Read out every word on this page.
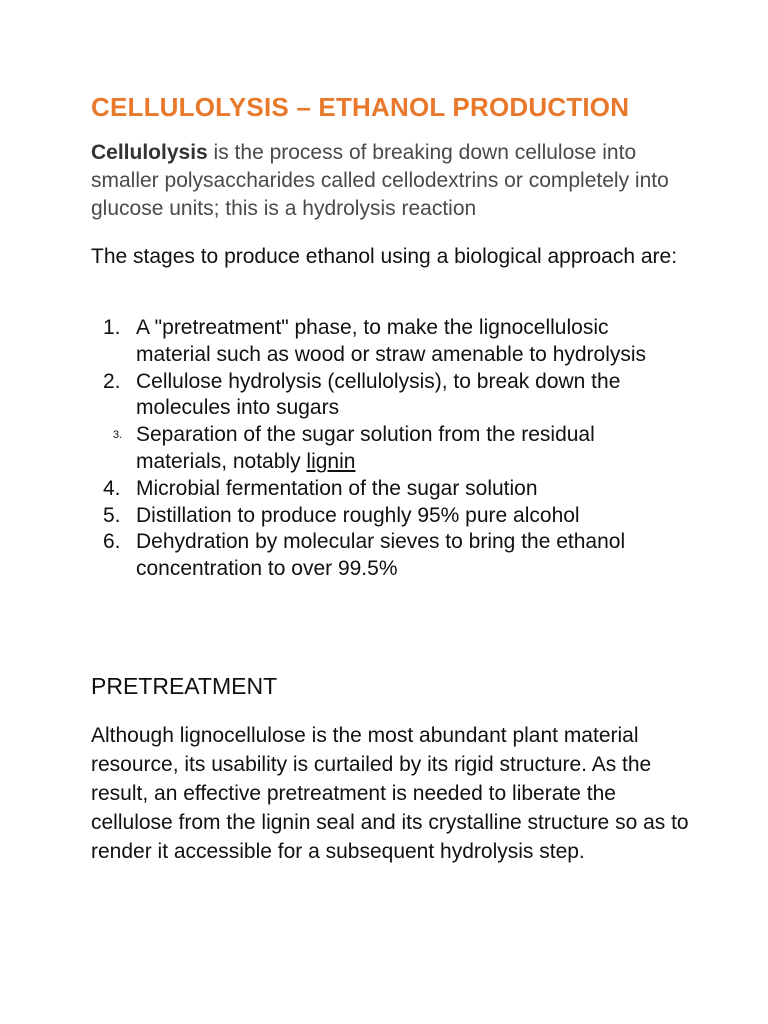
CELLULOLYSIS – ETHANOL PRODUCTION

Cellulolysis is the process of breaking down cellulose into smaller polysaccharides called cellodextrins or completely into glucose units; this is a hydrolysis reaction

The stages to produce ethanol using a biological approach are:

1. A "pretreatment" phase, to make the lignocellulosic material such as wood or straw amenable to hydrolysis
2. Cellulose hydrolysis (cellulolysis), to break down the molecules into sugars
3. Separation of the sugar solution from the residual materials, notably lignin
4. Microbial fermentation of the sugar solution
5. Distillation to produce roughly 95% pure alcohol
6. Dehydration by molecular sieves to bring the ethanol concentration to over 99.5%
PRETREATMENT

Although lignocellulose is the most abundant plant material resource, its usability is curtailed by its rigid structure. As the result, an effective pretreatment is needed to liberate the cellulose from the lignin seal and its crystalline structure so as to render it accessible for a subsequent hydrolysis step.
